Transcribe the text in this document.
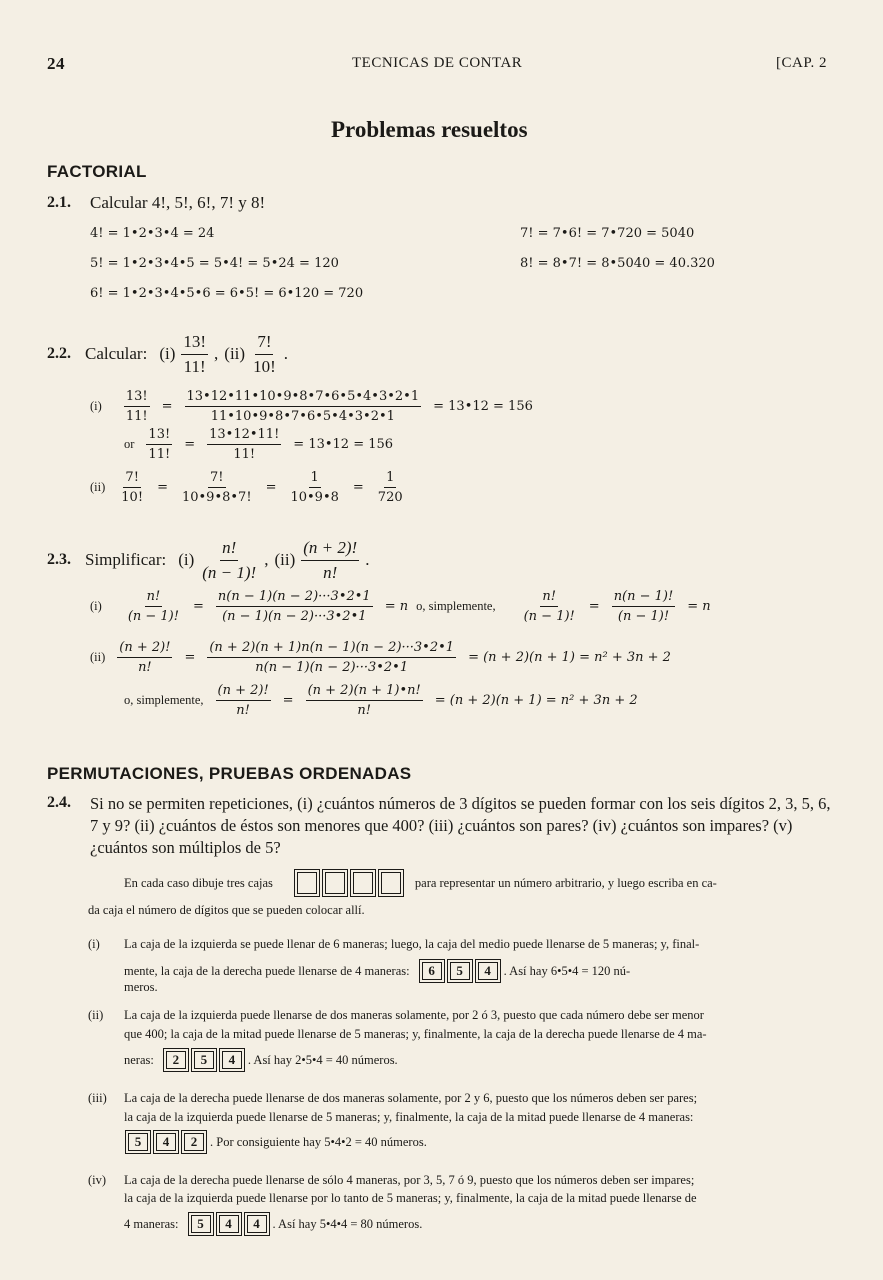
24	TECNICAS DE CONTAR	[CAP. 2
Problemas resueltos
FACTORIAL
2.1. Calcular 4!, 5!, 6!, 7! y 8!
4! = 1•2•3•4 = 24
5! = 1•2•3•4•5 = 5•4! = 5•24 = 120
6! = 1•2•3•4•5•6 = 6•5! = 6•120 = 720
7! = 7•6! = 7•720 = 5040
8! = 8•7! = 8•5040 = 40.320
2.2. Calcular: $(i) \frac{13!}{11!}$ , $(ii) \frac{7!}{10!}$ .
$(i) \frac{13!}{11!} = \frac{13•12•11•10•9•8•7•6•5•4•3•2•1}{11•10•9•8•7•6•5•4•3•2•1}$ = 13•12 = 156
or $\frac{13!}{11!} = \frac{13•12•11!}{11!}$ = 13•12 = 156
$(ii) \frac{7!}{10!} = \frac{7!}{10•9•8•7!} = \frac{1}{10•9•8} = \frac{1}{720}$
2.3. Simplificar: $(i) \frac{n!}{(n - 1)!}$ , $(ii) \frac{(n + 2)!}{n!}$ .
$(i) \frac{n!}{(n - 1)!} = \frac{n(n - 1)(n - 2)\cdot\cdot\cdot 3•2•1}{(n - 1)(n - 2)\cdot\cdot\cdot 3•2•1} = n$ o, simplemente, $\frac{n!}{(n - 1)!} = \frac{n(n - 1)!}{(n - 1)!} = n$
$(ii) \frac{(n + 2)!}{n!} = \frac{(n + 2)(n + 1)n(n - 1)(n - 2)\cdot\cdot\cdot 3•2•1}{n(n - 1)(n - 2)\cdot\cdot\cdot 3•2•1} = (n + 2)(n + 1) = n^2 + 3n + 2$
o, simplemente, $\frac{(n + 2)!}{n!} = \frac{(n + 2)(n + 1)•n!}{n!} = (n + 2)(n + 1) = n^2 + 3n + 2$
PERMUTACIONES, PRUEBAS ORDENADAS
2.4. Si no se permiten repeticiones, (i) ¿cuántos números de 3 dígitos se pueden formar con los seis dígitos 2, 3, 5, 6, 7 y 9? (ii) ¿cuántos de éstos son menores que 400? (iii) ¿cuántos son pares? (iv) ¿cuántos son impares? (v) ¿cuántos son múltiplos de 5?
En cada caso dibuje tres cajas	para representar un número arbitrario, y luego escriba en ca-
da caja el número de dígitos que se pueden colocar allí.
(i) La caja de la izquierda se puede llenar de 6 maneras; luego, la caja del medio puede llenarse de 5 maneras; y, final-
mente, la caja de la derecha puede llenarse de 4 maneras:	6 5 4	. Así hay 6•5•4 = 120 nú-
meros.
(ii) La caja de la izquierda puede llenarse de dos maneras solamente, por 2 ó 3, puesto que cada número debe ser menor
que 400; la caja de la mitad puede llenarse de 5 maneras; y, finalmente, la caja de la derecha puede llenarse de 4 ma-
neras:	2 5 4	. Así hay 2•5•4 = 40 números.
(iii) La caja de la derecha puede llenarse de dos maneras solamente, por 2 y 6, puesto que los números deben ser pares;
la caja de la izquierda puede llenarse de 5 maneras; y, finalmente, la caja de la mitad puede llenarse de 4 maneras:
5 4 2	. Por consiguiente hay 5•4•2 = 40 números.
(iv) La caja de la derecha puede llenarse de sólo 4 maneras, por 3, 5, 7 ó 9, puesto que los números deben ser impares;
la caja de la izquierda puede llenarse por lo tanto de 5 maneras; y, finalmente, la caja de la mitad puede llenarse de
4 maneras:	5 4 4	. Así hay 5•4•4 = 80 números.
